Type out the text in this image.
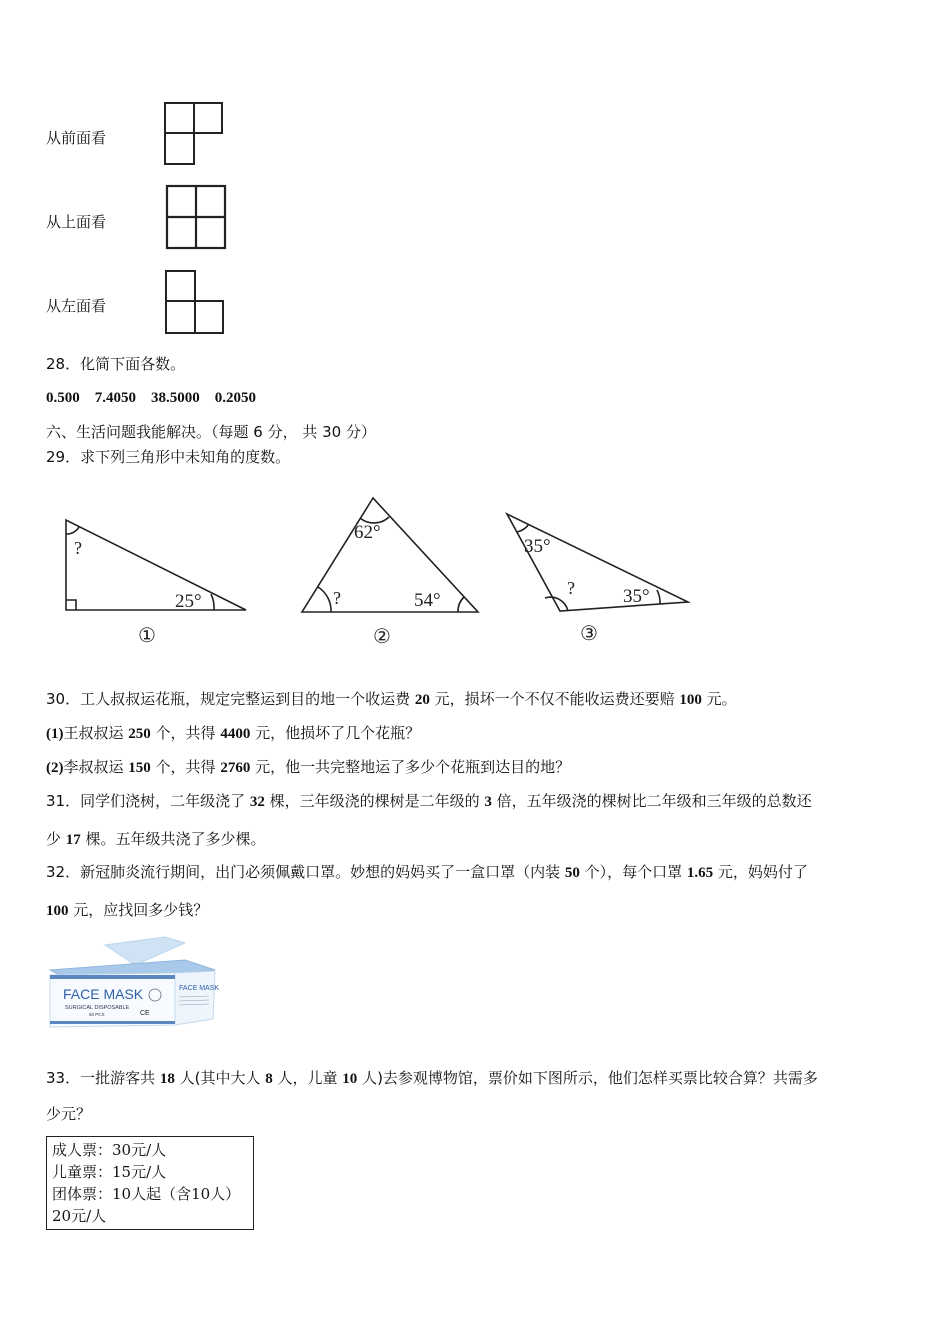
从前面看
从上面看
从左面看
28．化简下面各数。
0.500 7.4050 38.5000 0.2050
六、生活问题我能解决。（每题 6 分， 共 30 分）
29．求下列三角形中未知角的度数。
?
25°
①
62°
?	54°
②
35°
?	35°
③
30．工人叔叔运花瓶，规定完整运到目的地一个收运费 20 元，损坏一个不仅不能收运费还要赔 100 元。
(1)王叔叔运 250 个，共得 4400 元，他损坏了几个花瓶？
(2)李叔叔运 150 个，共得 2760 元，他一共完整地运了多少个花瓶到达目的地？
31．同学们浇树，二年级浇了 32 棵，三年级浇的棵树是二年级的 3 倍，五年级浇的棵树比二年级和三年级的总数还
少 17 棵。五年级共浇了多少棵。
32．新冠肺炎流行期间，出门必须佩戴口罩。妙想的妈妈买了一盒口罩（内装 50 个），每个口罩 1.65 元，妈妈付了
100 元，应找回多少钱？
FACE MASK
SURGICAL DISPOSABLE
50 PCS	CE
FACE MASK
33．一批游客共 18 人(其中大人 8 人，儿童 10 人)去参观博物馆，票价如下图所示，他们怎样买票比较合算？共需多
少元？
成人票：30元/人
儿童票：15元/人
团体票：10人起（含10人）
20元/人
